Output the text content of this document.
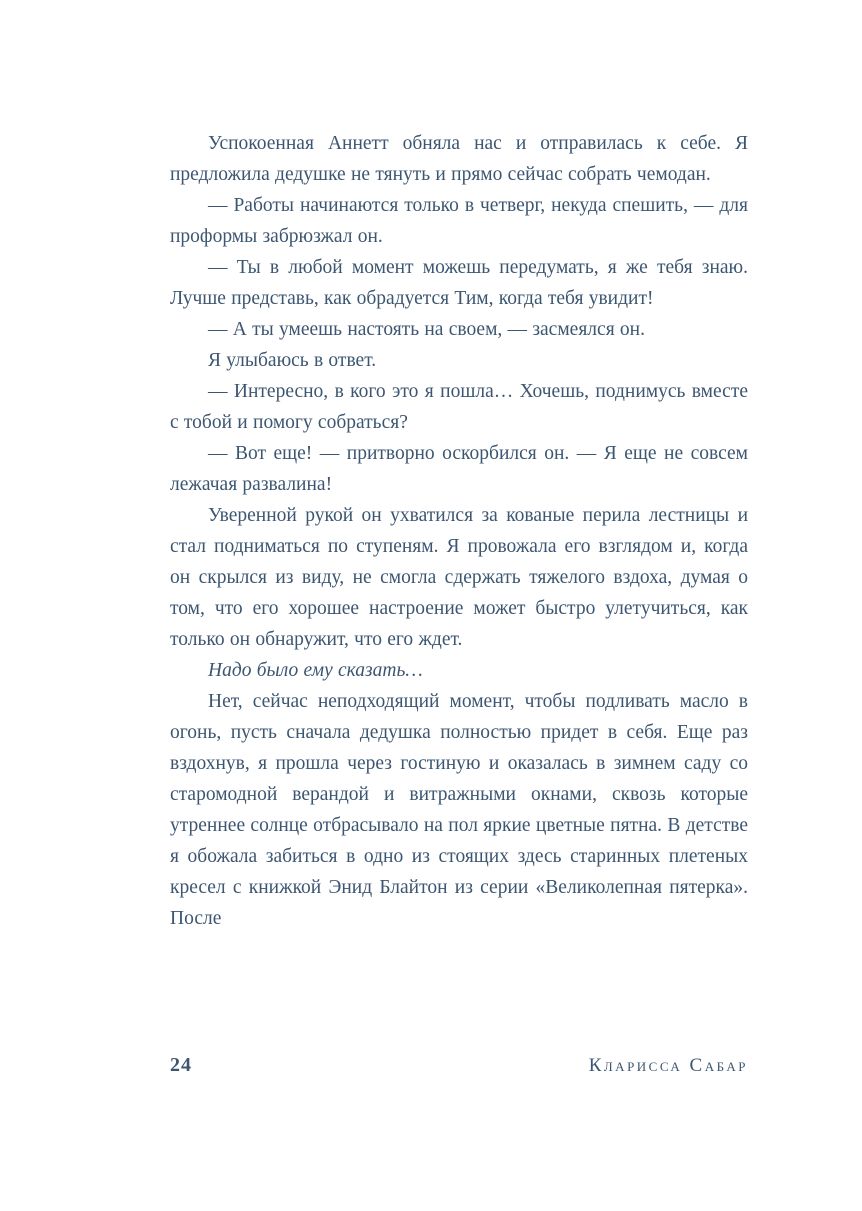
Успокоенная Аннетт обняла нас и отправилась к себе. Я предложила дедушке не тянуть и прямо сейчас собрать чемодан.

— Работы начинаются только в четверг, некуда спешить, — для проформы забрюзжал он.

— Ты в любой момент можешь передумать, я же тебя знаю. Лучше представь, как обрадуется Тим, когда тебя увидит!

— А ты умеешь настоять на своем, — засмеялся он.

Я улыбаюсь в ответ.

— Интересно, в кого это я пошла… Хочешь, поднимусь вместе с тобой и помогу собраться?

— Вот еще! — притворно оскорбился он. — Я еще не совсем лежачая развалина!

Уверенной рукой он ухватился за кованые перила лестницы и стал подниматься по ступеням. Я провожала его взглядом и, когда он скрылся из виду, не смогла сдержать тяжелого вздоха, думая о том, что его хорошее настроение может быстро улетучиться, как только он обнаружит, что его ждет.

Надо было ему сказать…

Нет, сейчас неподходящий момент, чтобы подливать масло в огонь, пусть сначала дедушка полностью придет в себя. Еще раз вздохнув, я прошла через гостиную и оказалась в зимнем саду со старомодной верандой и витражными окнами, сквозь которые утреннее солнце отбрасывало на пол яркие цветные пятна. В детстве я обожала забиться в одно из стоящих здесь старинных плетеных кресел с книжкой Энид Блайтон из серии «Великолепная пятерка». После

24	Кларисса Сабар
